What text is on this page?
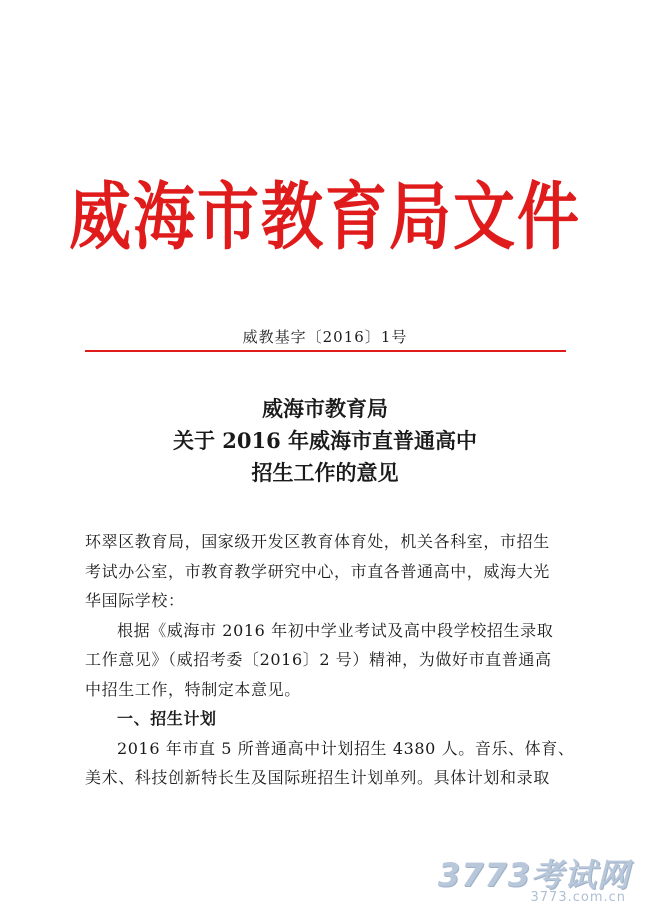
威海市教育局文件
威教基字〔2016〕1号
威海市教育局
关于 2016 年威海市直普通高中
招生工作的意见

环翠区教育局，国家级开发区教育体育处，机关各科室，市招生
考试办公室，市教育教学研究中心，市直各普通高中，威海大光
华国际学校：

根据《威海市 2016 年初中学业考试及高中段学校招生录取
工作意见》（威招考委〔2016〕2 号）精神，为做好市直普通高
中招生工作，特制定本意见。

一、招生计划

2016 年市直 5 所普通高中计划招生 4380 人。音乐、体育、
美术、科技创新特长生及国际班招生计划单列。具体计划和录取

3773考试网
3773.com.cn
